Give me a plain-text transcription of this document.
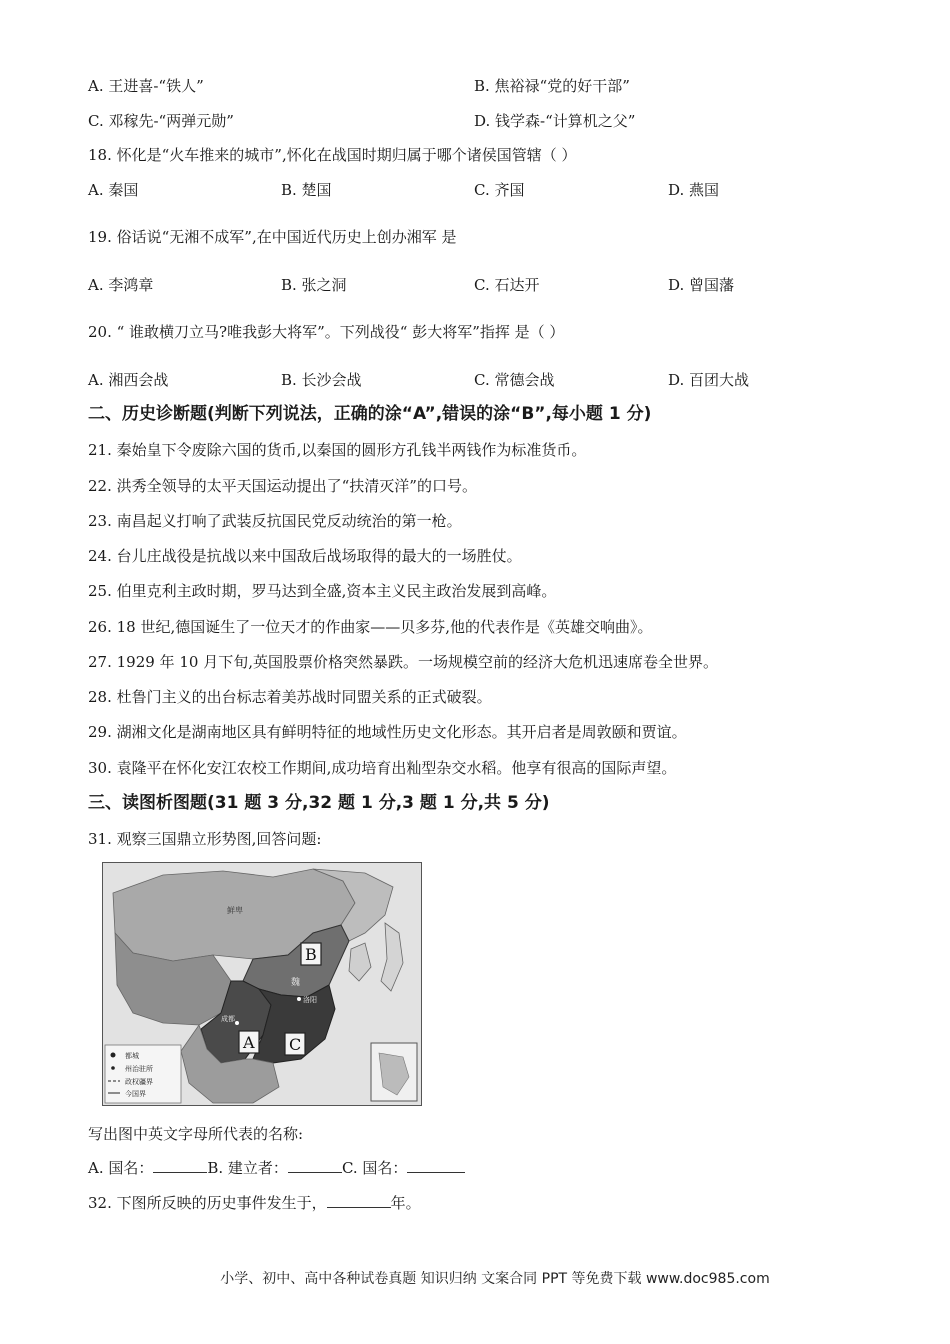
A. 王进喜-“铁人”	B. 焦裕禄“党的好干部”
C. 邓稼先-“两弹元勋”	D. 钱学森-“计算机之父”
18. 怀化是“火车推来的城市”,怀化在战国时期归属于哪个诸侯国管辖（ ）
A. 秦国	B. 楚国	C. 齐国	D. 燕国
19. 俗话说“无湘不成军”,在中国近代历史上创办湘军 是
A. 李鸿章	B. 张之洞	C. 石达开	D. 曾国藩
20. “ 谁敢横刀立马?唯我彭大将军”。下列战役“ 彭大将军”指挥 是（ ）
A. 湘西会战	B. 长沙会战	C. 常德会战	D. 百团大战
二、历史诊断题(判断下列说法，正确的涂“A”,错误的涂“B”,每小题 1 分)
21. 秦始皇下令废除六国的货币,以秦国的圆形方孔钱半两钱作为标准货币。
22. 洪秀全领导的太平天国运动提出了“扶清灭洋”的口号。
23. 南昌起义打响了武装反抗国民党反动统治的第一枪。
24. 台儿庄战役是抗战以来中国敌后战场取得的最大的一场胜仗。
25. 伯里克利主政时期，罗马达到全盛,资本主义民主政治发展到高峰。
26. 18 世纪,德国诞生了一位天才的作曲家——贝多芬,他的代表作是《英雄交响曲》。
27. 1929 年 10 月下旬,英国股票价格突然暴跌。一场规模空前的经济大危机迅速席卷全世界。
28. 杜鲁门主义的出台标志着美苏战时同盟关系的正式破裂。
29. 湖湘文化是湖南地区具有鲜明特征的地域性历史文化形态。其开启者是周敦颐和贾谊。
30. 袁隆平在怀化安江农校工作期间,成功培育出籼型杂交水稻。他享有很高的国际声望。
三、读图析图题(31 题 3 分,32 题 1 分,3 题 1 分,共 5 分)
31. 观察三国鼎立形势图,回答问题:
都城
州治驻所
政权疆界
今国界
鲜卑
魏
洛阳
成都
B
A C
写出图中英文字母所代表的名称:
A. 国名：	B. 建立者：	C. 国名：
32. 下图所反映的历史事件发生于，	年。
小学、初中、高中各种试卷真题 知识归纳 文案合同 PPT 等免费下载 www.doc985.com
